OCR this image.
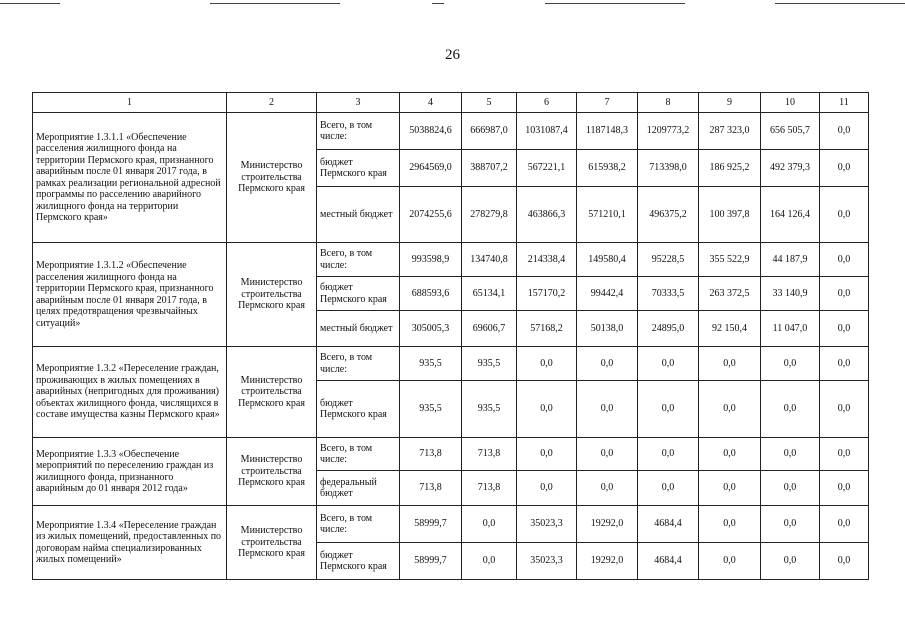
26
1	2	3	4	5	6	7	8	9	10	11
Мероприятие 1.3.1.1 «Обеспечение расселения жилищного фонда на территории Пермского края, признанного аварийным после 01 января 2017 года, в рамках реализации региональной адресной программы по расселению аварийного жилищного фонда на территории Пермского края»	Министерство строительства Пермского края	Всего, в том числе:	5038824,6	666987,0	1031087,4	1187148,3	1209773,2	287 323,0	656 505,7	0,0
		бюджет Пермского края	2964569,0	388707,2	567221,1	615938,2	713398,0	186 925,2	492 379,3	0,0
		местный бюджет	2074255,6	278279,8	463866,3	571210,1	496375,2	100 397,8	164 126,4	0,0
Мероприятие 1.3.1.2 «Обеспечение расселения жилищного фонда на территории Пермского края, признанного аварийным после 01 января 2017 года, в целях предотвращения чрезвычайных ситуаций»	Министерство строительства Пермского края	Всего, в том числе:	993598,9	134740,8	214338,4	149580,4	95228,5	355 522,9	44 187,9	0,0
		бюджет Пермского края	688593,6	65134,1	157170,2	99442,4	70333,5	263 372,5	33 140,9	0,0
		местный бюджет	305005,3	69606,7	57168,2	50138,0	24895,0	92 150,4	11 047,0	0,0
Мероприятие 1.3.2 «Переселение граждан, проживающих в жилых помещениях в аварийных (непригодных для проживания) объектах жилищного фонда, числящихся в составе имущества казны Пермского края»	Министерство строительства Пермского края	Всего, в том числе:	935,5	935,5	0,0	0,0	0,0	0,0	0,0	0,0
		бюджет Пермского края	935,5	935,5	0,0	0,0	0,0	0,0	0,0	0,0
Мероприятие 1.3.3 «Обеспечение мероприятий по переселению граждан из жилищного фонда, признанного аварийным до 01 января 2012 года»	Министерство строительства Пермского края	Всего, в том числе:	713,8	713,8	0,0	0,0	0,0	0,0	0,0	0,0
		федеральный бюджет	713,8	713,8	0,0	0,0	0,0	0,0	0,0	0,0
Мероприятие 1.3.4 «Переселение граждан из жилых помещений, предоставленных по договорам найма специализированных жилых помещений»	Министерство строительства Пермского края	Всего, в том числе:	58999,7	0,0	35023,3	19292,0	4684,4	0,0	0,0	0,0
		бюджет Пермского края	58999,7	0,0	35023,3	19292,0	4684,4	0,0	0,0	0,0
